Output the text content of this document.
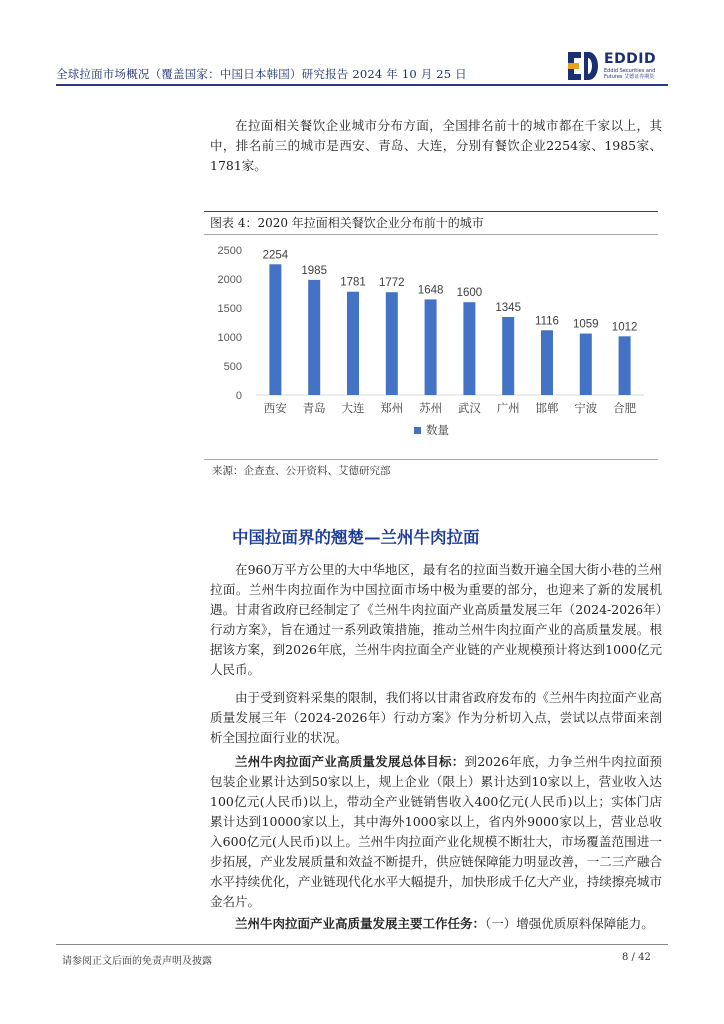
全球拉面市场概况（覆盖国家：中国日本韩国）研究报告 2024 年 10 月 25 日
EDDID
Eddid Securities and Futures 艾德证券期货
在拉面相关餐饮企业城市分布方面，全国排名前十的城市都在千家以上，其中，排名前三的城市是西安、青岛、大连，分别有餐饮企业2254家、1985家、1781家。
图表 4：2020 年拉面相关餐饮企业分布前十的城市
0
500
1000
1500
2000
2500 2254
西安
1985
青岛
1781
大连
1772
郑州
1648
苏州
1600
武汉
1345
广州
1116
邯郸
1059
宁波
1012
合肥
数量
来源：企查查、公开资料、艾德研究部
中国拉面界的翘楚—兰州牛肉拉面
在960万平方公里的大中华地区，最有名的拉面当数开遍全国大街小巷的兰州拉面。兰州牛肉拉面作为中国拉面市场中极为重要的部分，也迎来了新的发展机遇。甘肃省政府已经制定了《兰州牛肉拉面产业高质量发展三年（2024-2026年）行动方案》，旨在通过一系列政策措施，推动兰州牛肉拉面产业的高质量发展。根据该方案，到2026年底，兰州牛肉拉面全产业链的产业规模预计将达到1000亿元人民币。
由于受到资料采集的限制，我们将以甘肃省政府发布的《兰州牛肉拉面产业高质量发展三年（2024-2026年）行动方案》作为分析切入点，尝试以点带面来剖析全国拉面行业的状况。
兰州牛肉拉面产业高质量发展总体目标：到2026年底，力争兰州牛肉拉面预包装企业累计达到50家以上，规上企业（限上）累计达到10家以上，营业收入达100亿元(人民币)以上，带动全产业链销售收入400亿元(人民币)以上；实体门店累计达到10000家以上，其中海外1000家以上，省内外9000家以上，营业总收入600亿元(人民币)以上。兰州牛肉拉面产业化规模不断壮大，市场覆盖范围进一步拓展，产业发展质量和效益不断提升，供应链保障能力明显改善，一二三产融合水平持续优化，产业链现代化水平大幅提升，加快形成千亿大产业，持续擦亮城市金名片。
兰州牛肉拉面产业高质量发展主要工作任务：（一）增强优质原料保障能力。
请参阅正文后面的免责声明及披露	8 / 42
